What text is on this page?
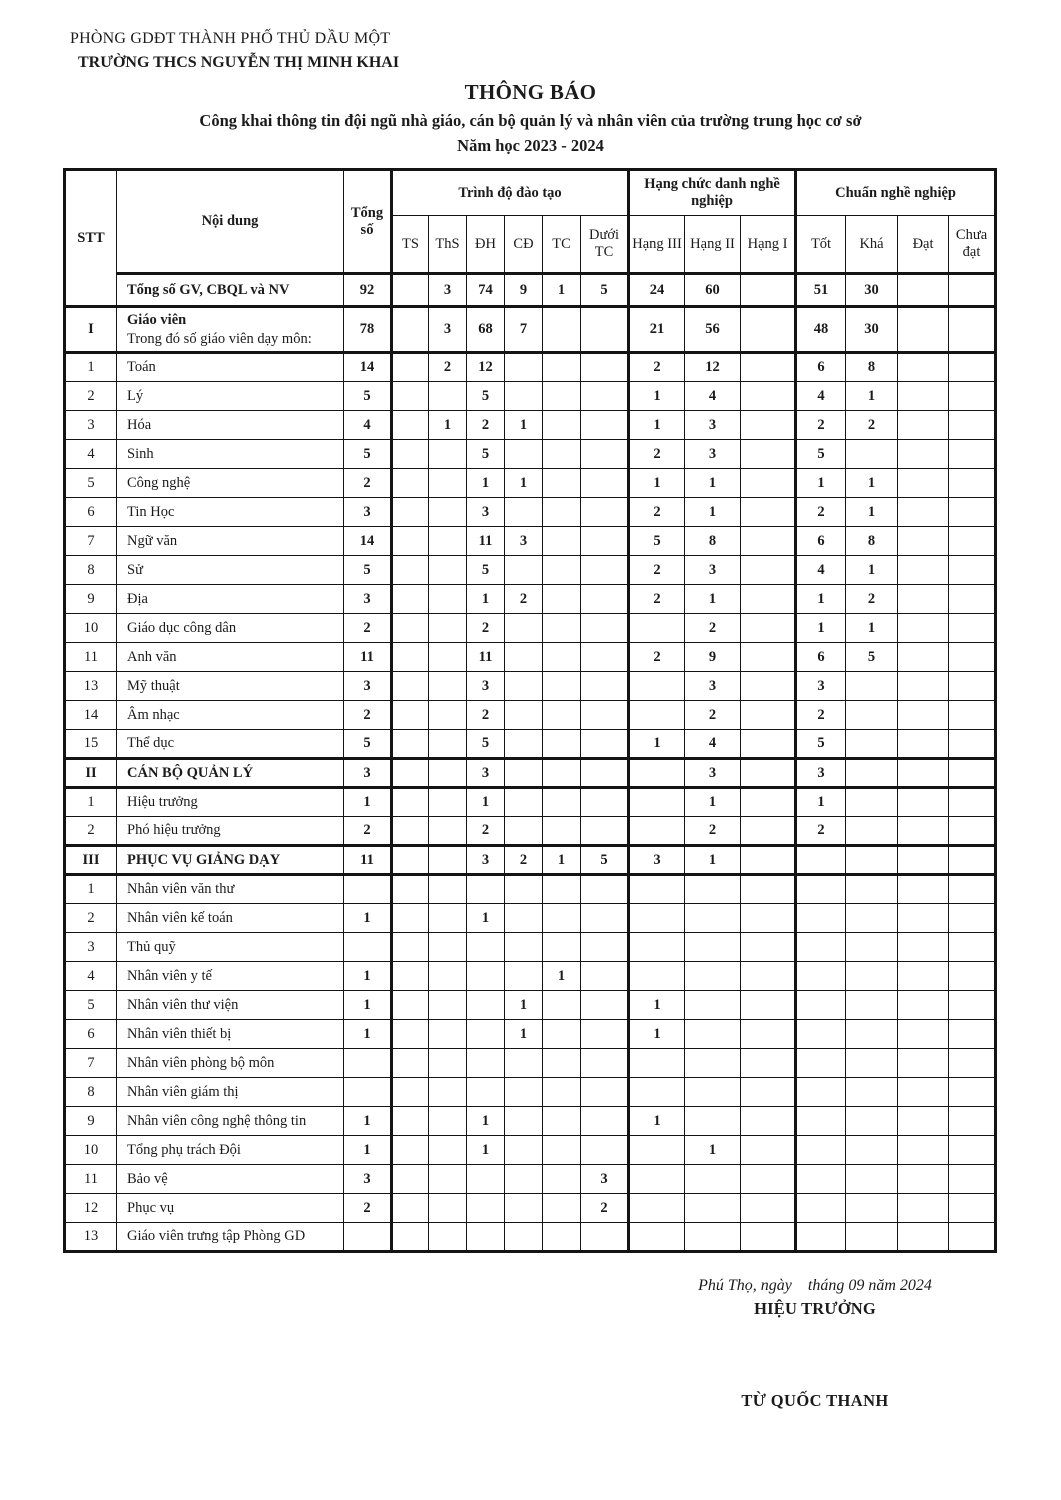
PHÒNG GDĐT THÀNH PHỐ THỦ DẦU MỘT
TRƯỜNG THCS NGUYỄN THỊ MINH KHAI
THÔNG BÁO
Công khai thông tin đội ngũ nhà giáo, cán bộ quản lý và nhân viên của trường trung học cơ sở
Năm học 2023 - 2024
STT	Nội dung	Tổng số	Trình độ đào tạo						Hạng chức danh nghề nghiệp			Chuẩn nghề nghiệp			
			TS	ThS	ĐH	CĐ	TC	Dưới TC	Hạng III	Hạng II	Hạng I	Tốt	Khá	Đạt	Chưa đạt

	Tổng số GV, CBQL và NV	92		3	74	9	1	5	24	60		51	30		
I	Giáo viên
Trong đó số giáo viên dạy môn:	78		3	68	7			21	56		48	30		
1	Toán	14		2	12				2	12		6	8		
2	Lý	5			5				1	4		4	1		
3	Hóa	4		1	2	1			1	3		2	2		
4	Sinh	5			5				2	3		5			
5	Công nghệ	2			1	1			1	1		1	1		
6	Tin Học	3			3				2	1		2	1		
7	Ngữ văn	14			11	3			5	8		6	8		
8	Sử	5			5				2	3		4	1		
9	Địa	3			1	2			2	1		1	2		
10	Giáo dục công dân	2			2					2		1	1		
11	Anh văn	11			11				2	9		6	5		
13	Mỹ thuật	3			3					3		3			
14	Âm nhạc	2			2					2		2			
15	Thể dục	5			5				1	4		5			
II	CÁN BỘ QUẢN LÝ	3			3					3		3			
1	Hiệu trưởng	1			1					1		1			
2	Phó hiệu trưởng	2			2					2		2			
III	PHỤC VỤ GIẢNG DẠY	11			3	2	1	5	3	1					
1	Nhân viên văn thư														

2	Nhân viên kế toán	1			1										
3	Thủ quỹ														

4	Nhân viên y tế	1					1								
5	Nhân viên thư viện	1				1			1						
6	Nhân viên thiết bị	1				1			1						
7	Nhân viên phòng bộ môn														

8	Nhân viên giám thị														

9	Nhân viên công nghệ thông tin	1			1				1						
10	Tổng phụ trách Đội	1			1					1					
11	Bảo vệ	3						3							
12	Phục vụ	2						2							
13	Giáo viên trưng tập Phòng GD														

Phú Thọ, ngày    tháng 09 năm 2024
HIỆU TRƯỞNG
TỪ QUỐC THANH
